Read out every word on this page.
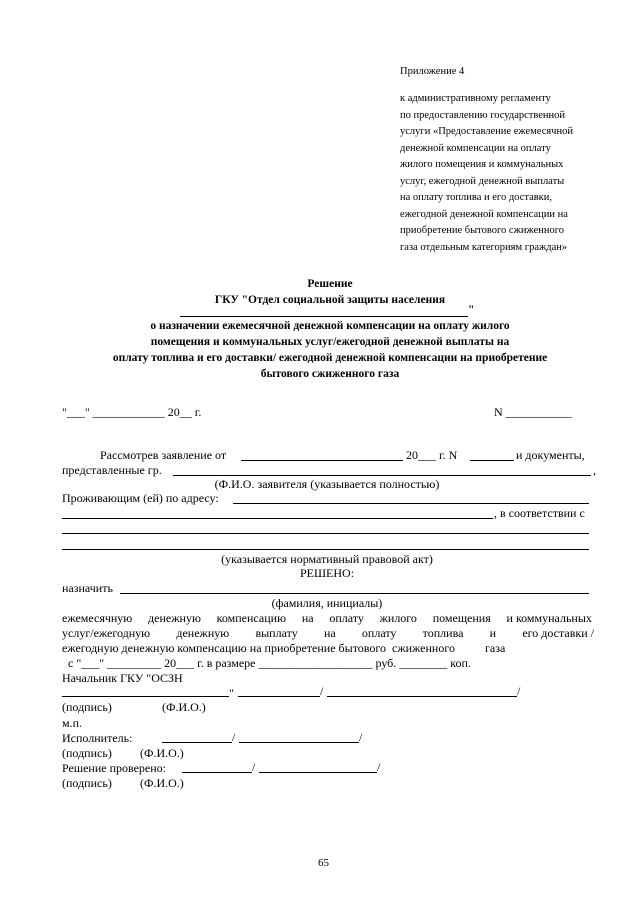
Приложение 4
к административному регламенту
по предоставлению государственной
услуги «Предоставление ежемесячной
денежной компенсации на оплату
жилого помещения и коммунальных
услуг, ежегодной денежной выплаты
на оплату топлива и его доставки,
ежегодной денежной компенсации на
приобретение бытового сжиженного
газа отдельным категориям граждан»
Решение
ГКУ "Отдел социальной защиты населения
"
о назначении ежемесячной денежной компенсации на оплату жилого
помещения и коммунальных услуг/ежегодной денежной выплаты на
оплату топлива и его доставки/ ежегодной денежной компенсации на приобретение
бытового сжиженного газа
"___" ____________ 20__ г.	N ___________
Рассмотрев заявление от	20___ г. N	и документы,
представленные гр.	,
(Ф.И.О. заявителя (указывается полностью)
Проживающим (ей) по адресу:
, в соответствии с
(указывается нормативный правовой акт)
РЕШЕНО:
назначить
(фамилия, инициалы)
ежемесячную денежную компенсацию на оплату жилого помещения и коммунальных
услуг/ежегодную денежную выплату на оплату топлива и его доставки /
ежегодную денежную компенсацию на приобретение бытового  сжиженного          газа
с "___" _________ 20___ г. в размере ___________________ руб. ________ коп.
Начальник ГКУ "ОСЗН
"	/	/
(подпись)	(Ф.И.О.)
м.п.
Исполнитель:	/	/
(подпись) (Ф.И.О.)
Решение проверено:	/	/
(подпись) (Ф.И.О.)
65
